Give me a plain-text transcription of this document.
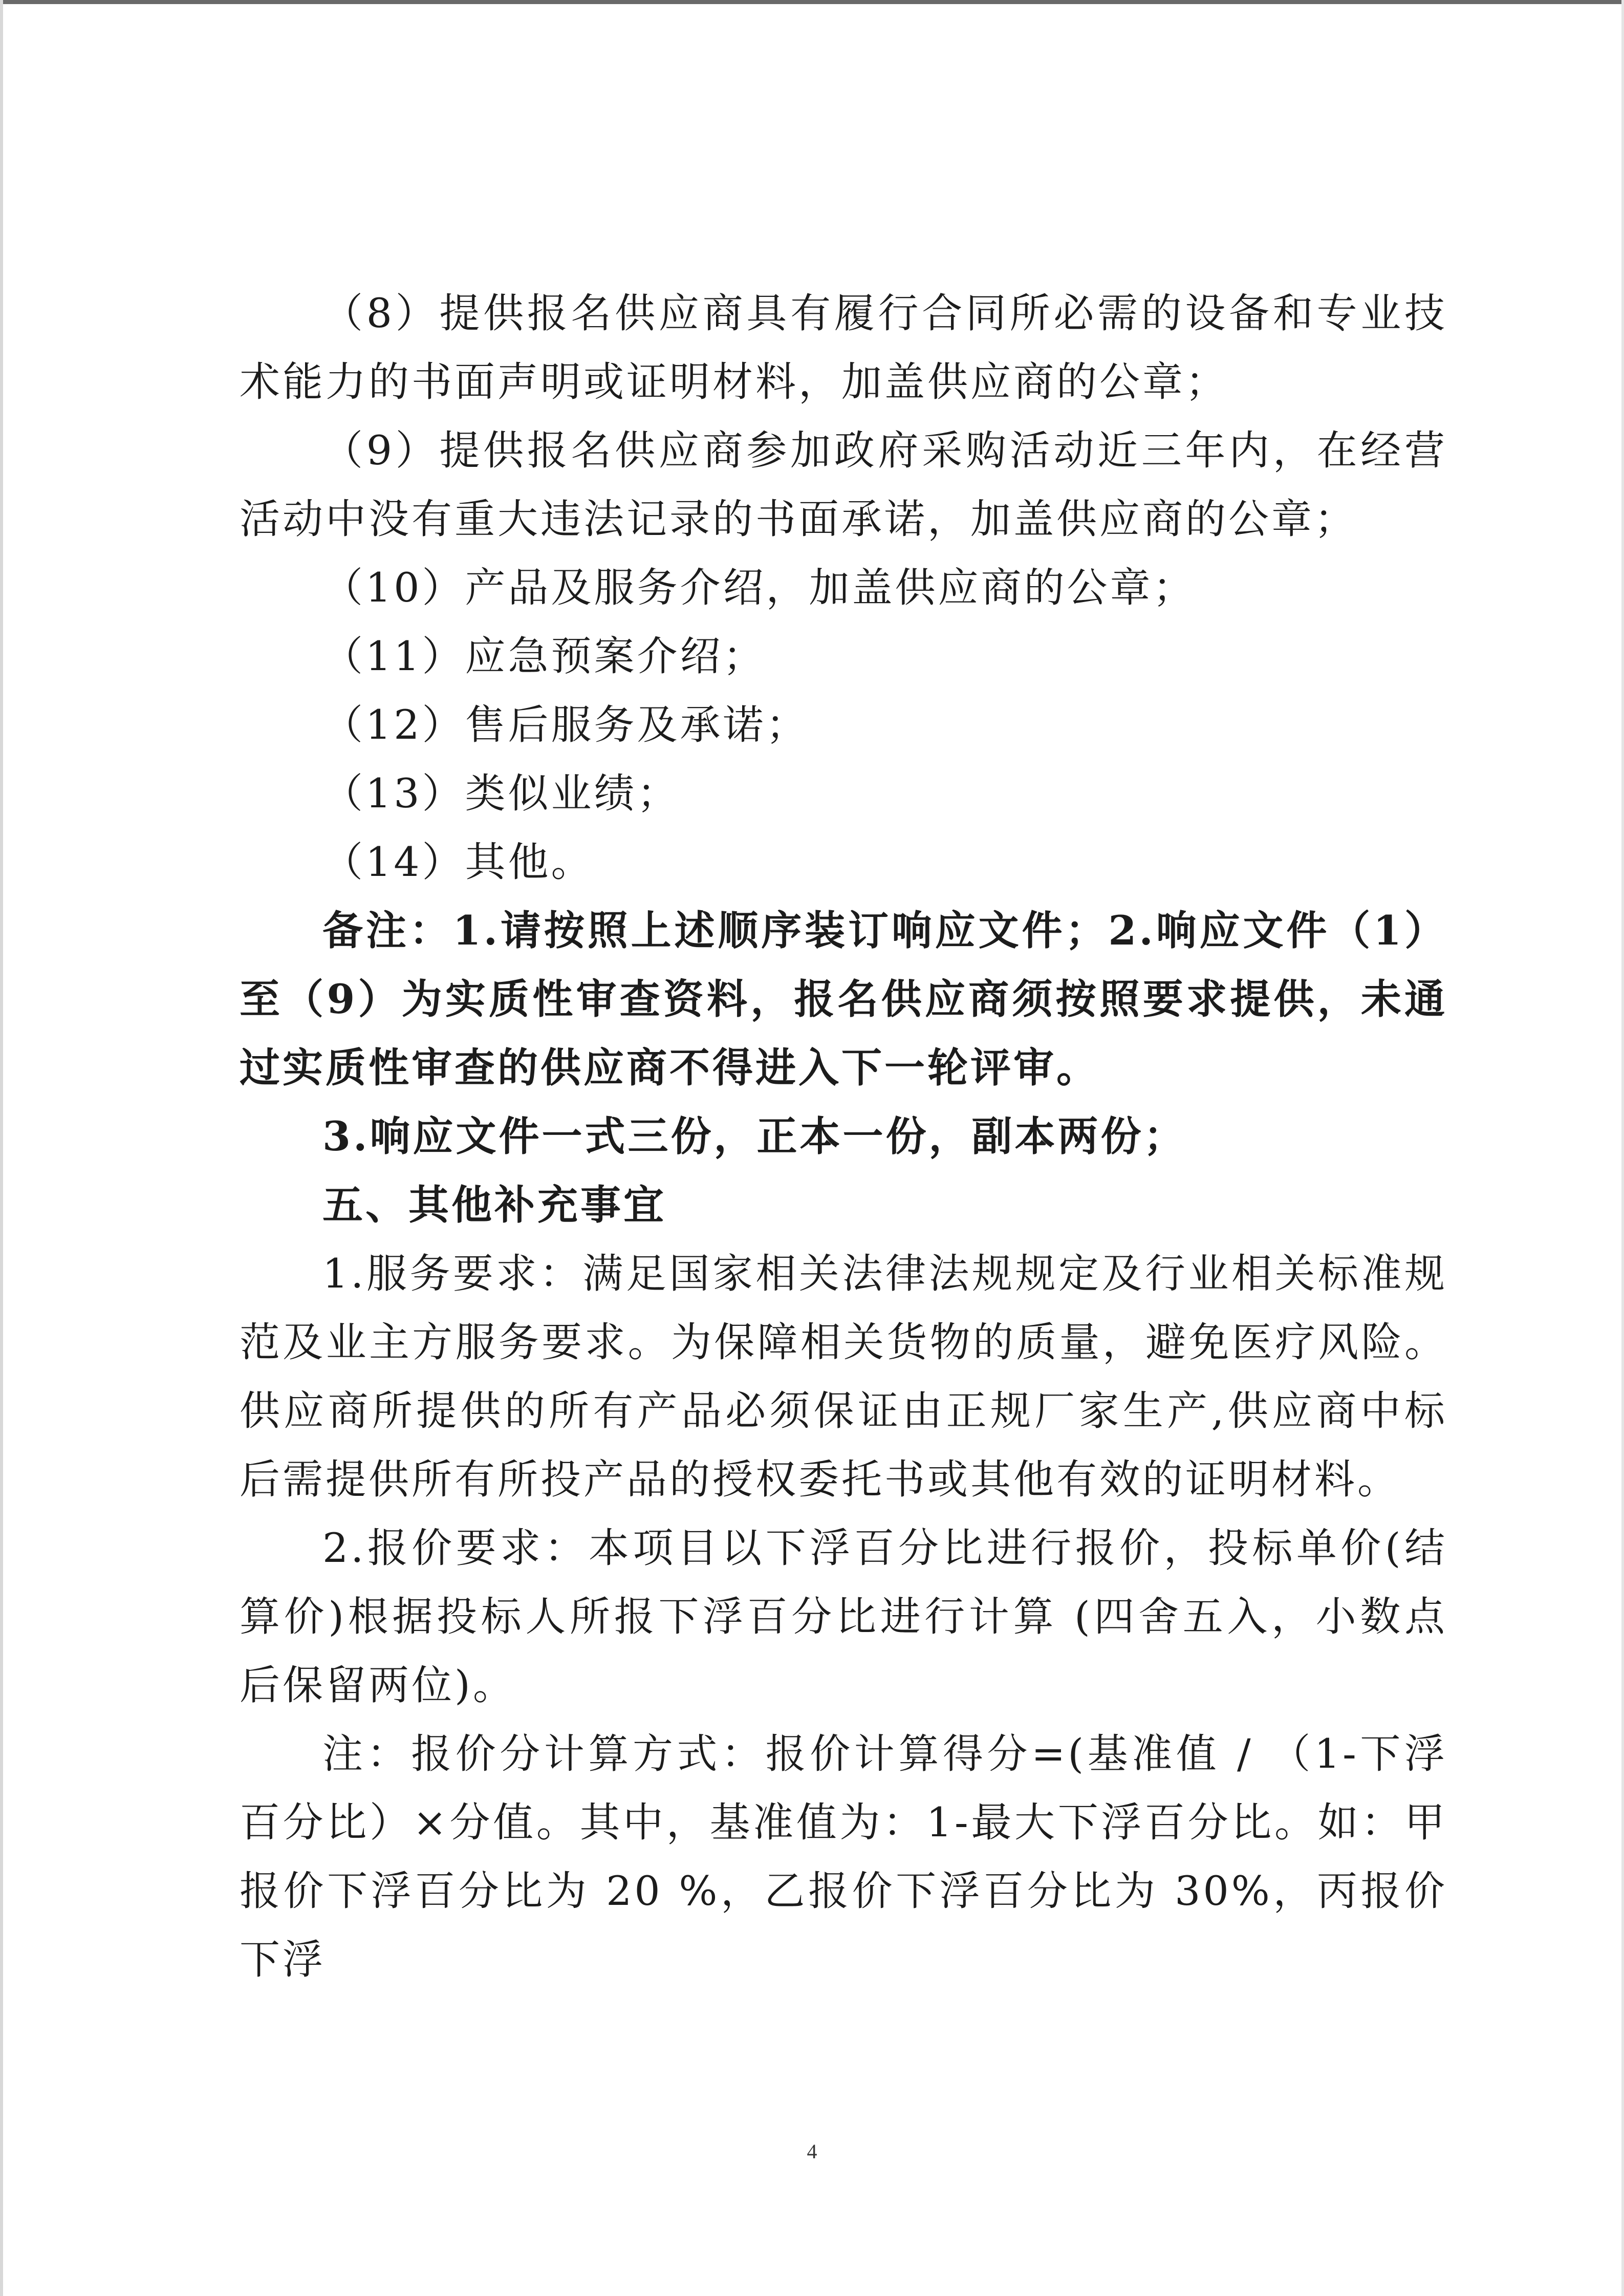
（8）提供报名供应商具有履行合同所必需的设备和专业技术能力的书面声明或证明材料，加盖供应商的公章；

（9）提供报名供应商参加政府采购活动近三年内，在经营活动中没有重大违法记录的书面承诺，加盖供应商的公章；

（10）产品及服务介绍，加盖供应商的公章；

（11）应急预案介绍；

（12）售后服务及承诺；

（13）类似业绩；

（14）其他。

备注：1.请按照上述顺序装订响应文件；2.响应文件（1）至（9）为实质性审查资料，报名供应商须按照要求提供，未通过实质性审查的供应商不得进入下一轮评审。

3.响应文件一式三份，正本一份，副本两份；

五、其他补充事宜

1.服务要求：满足国家相关法律法规规定及行业相关标准规范及业主方服务要求。为保障相关货物的质量，避免医疗风险。供应商所提供的所有产品必须保证由正规厂家生产,供应商中标后需提供所有所投产品的授权委托书或其他有效的证明材料。

2.报价要求：本项目以下浮百分比进行报价，投标单价(结算价)根据投标人所报下浮百分比进行计算 (四舍五入，小数点后保留两位)。

注：报价分计算方式：报价计算得分=(基准值 / （1-下浮百分比）×分值。其中，基准值为：1-最大下浮百分比。如：甲报价下浮百分比为 20 %，乙报价下浮百分比为 30%，丙报价下浮

4
